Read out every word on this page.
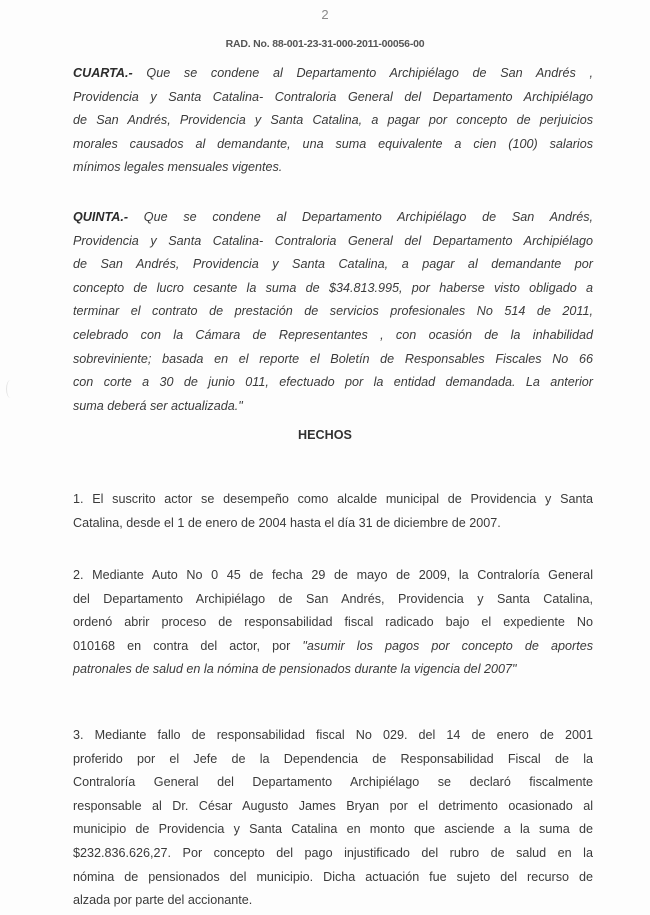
2
RAD. No. 88-001-23-31-000-2011-00056-00
CUARTA.- Que se condene al Departamento Archipiélago de San Andrés ,
Providencia y Santa Catalina- Contraloria General del Departamento Archipiélago
de San Andrés, Providencia y Santa Catalina, a pagar por concepto de perjuicios
morales causados al demandante, una suma equivalente a cien (100) salarios
mínimos legales mensuales vigentes.
QUINTA.- Que se condene al Departamento Archipiélago de San Andrés,
Providencia y Santa Catalina- Contraloria General del Departamento Archipiélago
de San Andrés, Providencia y Santa Catalina, a pagar al demandante por
concepto de lucro cesante la suma de $34.813.995, por haberse visto obligado a
terminar el contrato de prestación de servicios profesionales No 514 de 2011,
celebrado con la Cámara de Representantes , con ocasión de la inhabilidad
sobreviniente; basada en el reporte el Boletín de Responsables Fiscales No 66
con corte a 30 de junio 011, efectuado por la entidad demandada. La anterior
suma deberá ser actualizada."
HECHOS
1. El suscrito actor se desempeño como alcalde municipal de Providencia y Santa
Catalina, desde el 1 de enero de 2004 hasta el día 31 de diciembre de 2007.
2. Mediante Auto No 0 45 de fecha 29 de mayo de 2009, la Contraloría General
del Departamento Archipiélago de San Andrés, Providencia y Santa Catalina,
ordenó abrir proceso de responsabilidad fiscal radicado bajo el expediente No
010168 en contra del actor, por "asumir los pagos por concepto de aportes
patronales de salud en la nómina de pensionados durante la vigencia del 2007"
3. Mediante fallo de responsabilidad fiscal No 029. del 14 de enero de 2001
proferido por el Jefe de la Dependencia de Responsabilidad Fiscal de la
Contraloría General del Departamento Archipiélago se declaró fiscalmente
responsable al Dr. César Augusto James Bryan por el detrimento ocasionado al
municipio de Providencia y Santa Catalina en monto que asciende a la suma de
$232.836.626,27. Por concepto del pago injustificado del rubro de salud en la
nómina de pensionados del municipio. Dicha actuación fue sujeto del recurso de
alzada por parte del accionante.
